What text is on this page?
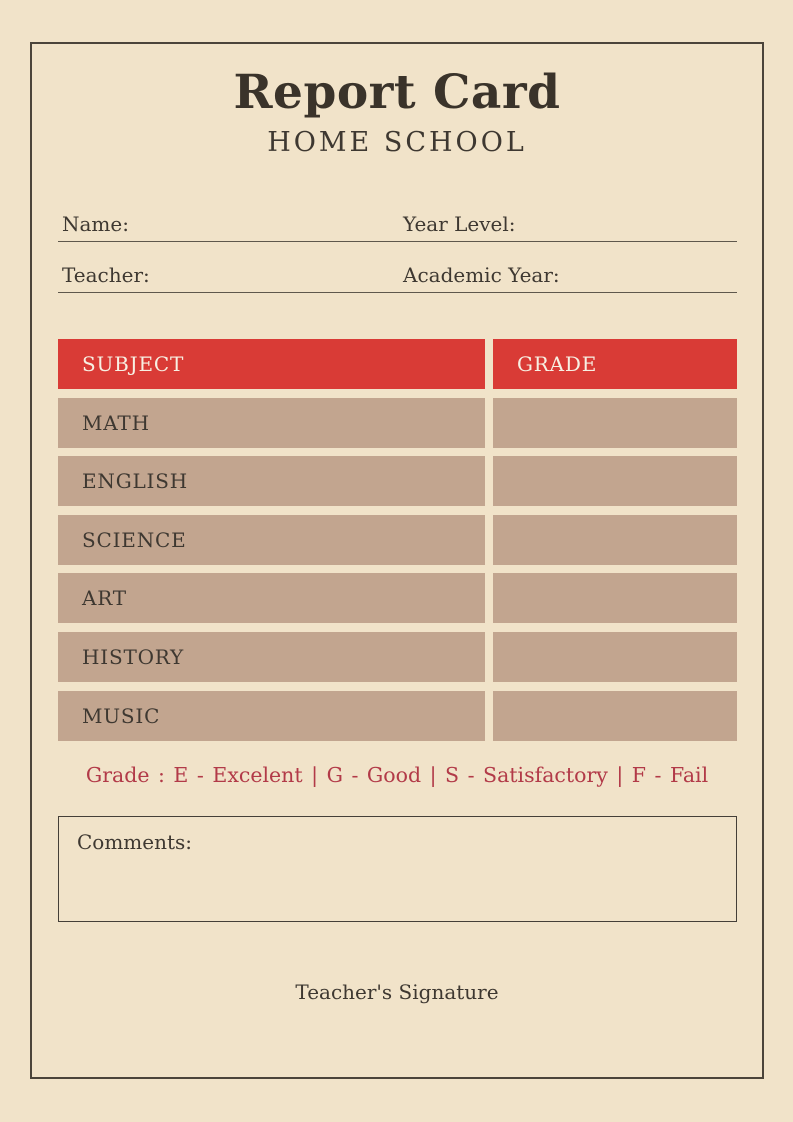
Report Card
HOME SCHOOL
Name:	Year Level:
Teacher:	Academic Year:
SUBJECT	GRADE
MATH
ENGLISH
SCIENCE
ART
HISTORY
MUSIC
Grade : E - Excelent | G - Good | S - Satisfactory | F - Fail
Comments:
Teacher's Signature
